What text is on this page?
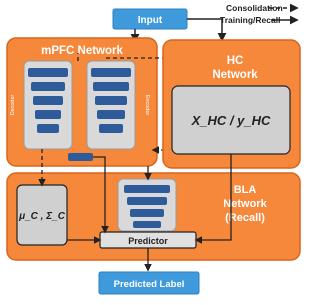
Consolidation
Training/Recall
Input
mPFC Network
Decoder	Encoder
HC
Network
X_HC / y_HC
BLA
Network
(Recall)
μ_C , Σ_C
Predictor
Predicted Label
